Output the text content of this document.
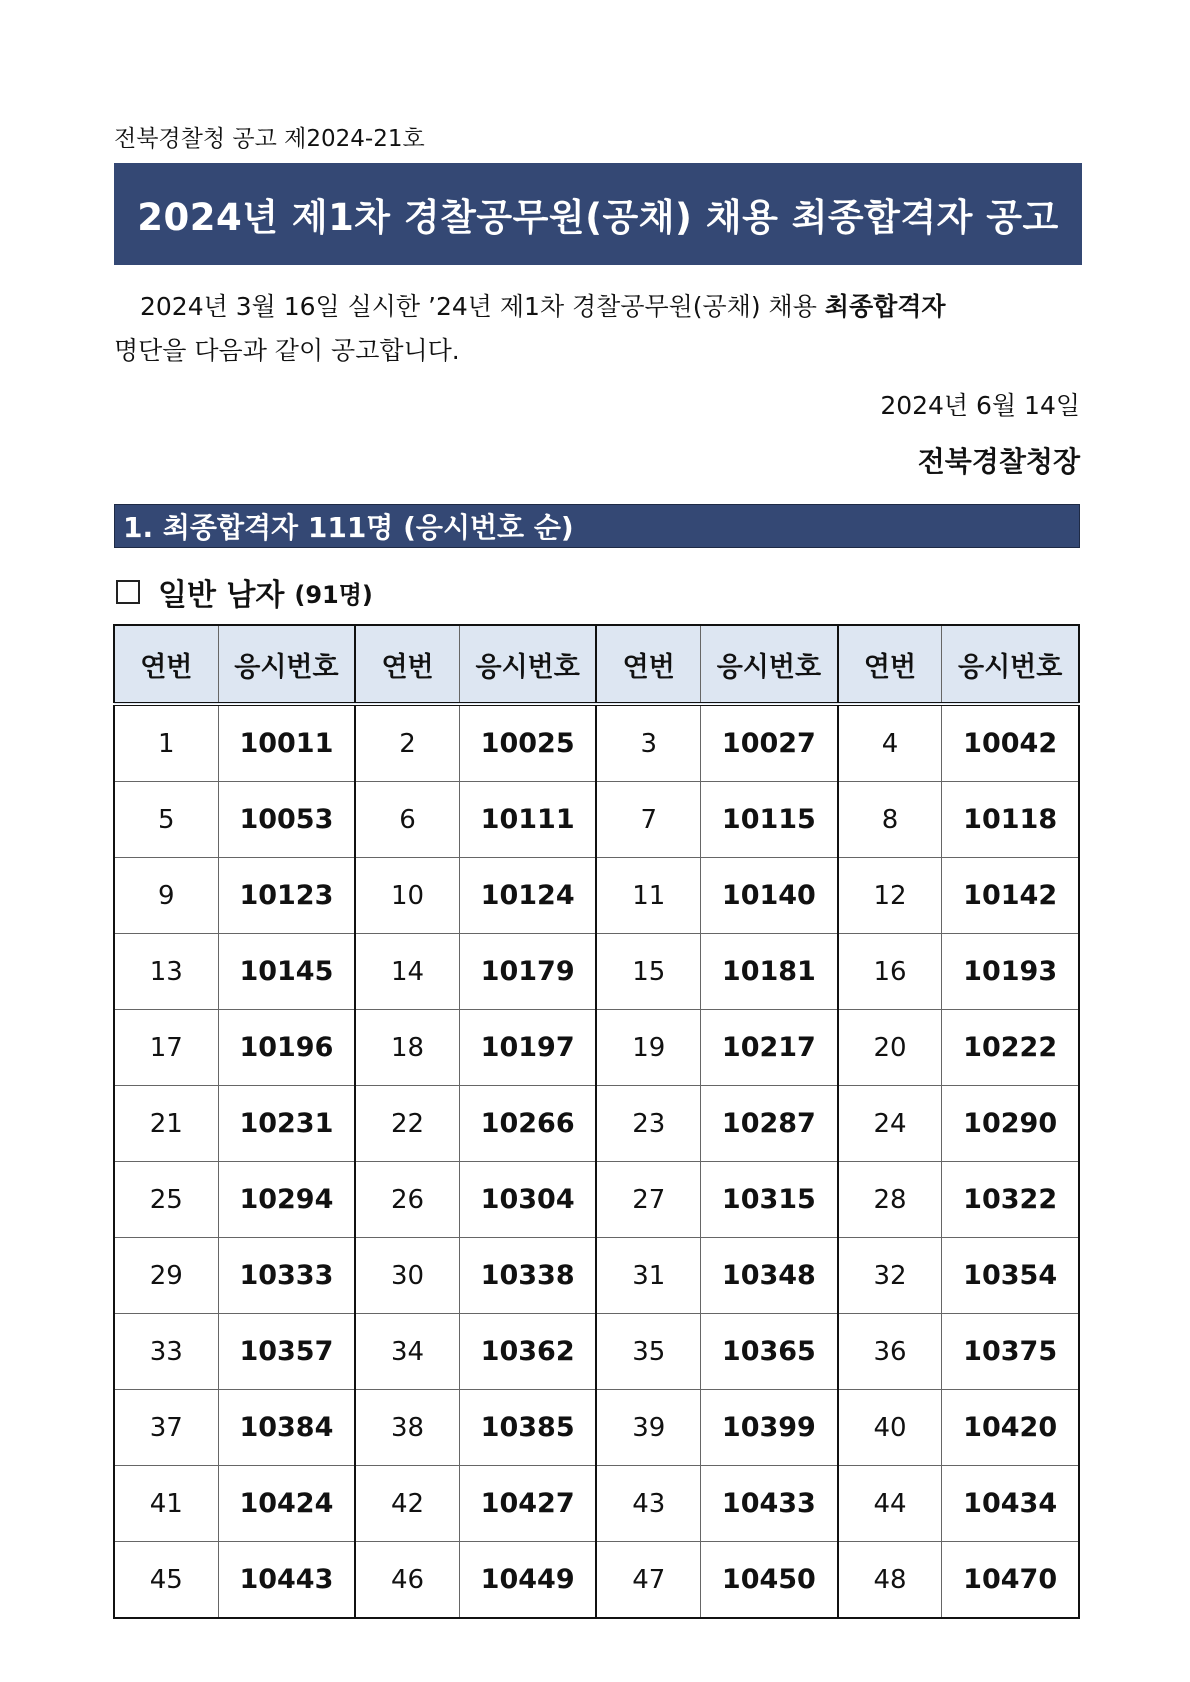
전북경찰청 공고 제2024-21호
2024년 제1차 경찰공무원(공채) 채용 최종합격자 공고
2024년 3월 16일 실시한 ’24년 제1차 경찰공무원(공채) 채용 최종합격자
명단을 다음과 같이 공고합니다.
2024년 6월 14일
전북경찰청장
1. 최종합격자 111명 (응시번호 순)
일반 남자 (91명)
연번	응시번호	연번	응시번호	연번	응시번호	연번	응시번호
1	10011	2	10025	3	10027	4	10042
5	10053	6	10111	7	10115	8	10118
9	10123	10	10124	11	10140	12	10142
13	10145	14	10179	15	10181	16	10193
17	10196	18	10197	19	10217	20	10222
21	10231	22	10266	23	10287	24	10290
25	10294	26	10304	27	10315	28	10322
29	10333	30	10338	31	10348	32	10354
33	10357	34	10362	35	10365	36	10375
37	10384	38	10385	39	10399	40	10420
41	10424	42	10427	43	10433	44	10434
45	10443	46	10449	47	10450	48	10470
